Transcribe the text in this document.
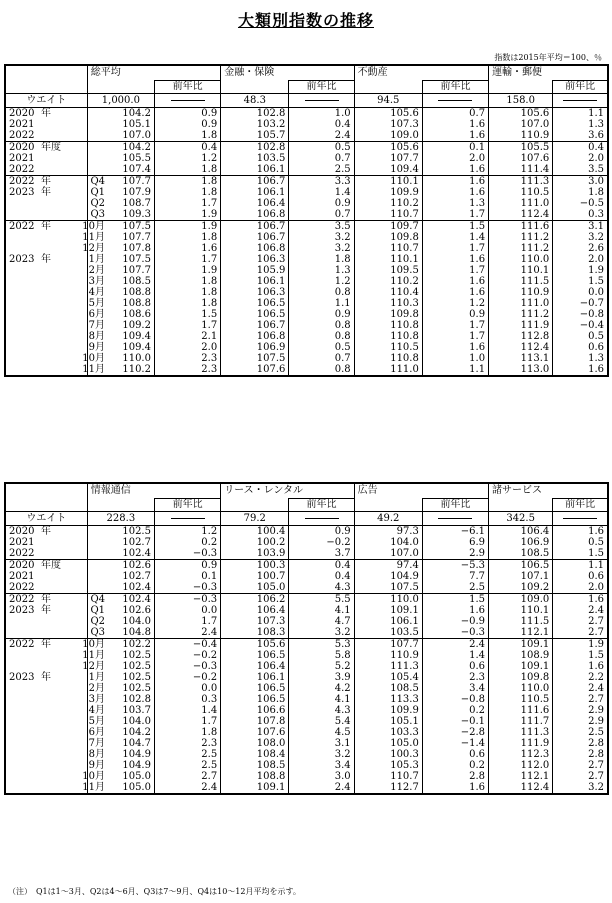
大類別指数の推移
指数は2015年平均＝100、％
	総平均		金融・保険		不動産		運輸・郵便	
		前年比		前年比		前年比		前年比
ウエイト	1,000.0		48.3		94.5		158.0	
2020 年	104.2	0.9	102.8	1.0	105.6	0.7	105.6	1.1
2021	105.1	0.9	103.2	0.4	107.3	1.6	107.0	1.3
2022	107.0	1.8	105.7	2.4	109.0	1.6	110.9	3.6
2020 年度	104.2	0.4	102.8	0.5	105.6	0.1	105.5	0.4
2021	105.5	1.2	103.5	0.7	107.7	2.0	107.6	2.0
2022	107.4	1.8	106.1	2.5	109.4	1.6	111.4	3.5
2022 年 Q4	107.7	1.8	106.7	3.3	110.1	1.6	111.3	3.0
2023 年 Q1	107.9	1.8	106.1	1.4	109.9	1.6	110.5	1.8
Q2	108.7	1.7	106.4	0.9	110.2	1.3	111.0	−0.5
Q3	109.3	1.9	106.8	0.7	110.7	1.7	112.4	0.3
2022 年 10月	107.5	1.9	106.7	3.5	109.7	1.5	111.6	3.1
11月	107.7	1.8	106.7	3.2	109.8	1.4	111.2	3.2
12月	107.8	1.6	106.8	3.2	110.7	1.7	111.2	2.6
2023 年 1月	107.5	1.7	106.3	1.8	110.1	1.6	110.0	2.0
2月	107.7	1.9	105.9	1.3	109.5	1.7	110.1	1.9
3月	108.5	1.8	106.1	1.2	110.2	1.6	111.5	1.5
4月	108.8	1.8	106.3	0.8	110.4	1.6	110.9	0.0
5月	108.8	1.8	106.5	1.1	110.3	1.2	111.0	−0.7
6月	108.6	1.5	106.5	0.9	109.8	0.9	111.2	−0.8
7月	109.2	1.7	106.7	0.8	110.8	1.7	111.9	−0.4
8月	109.4	2.1	106.8	0.8	110.8	1.7	112.8	0.5
9月	109.4	2.0	106.9	0.5	110.5	1.6	112.4	0.6
10月	110.0	2.3	107.5	0.7	110.8	1.0	113.1	1.3
11月	110.2	2.3	107.6	0.8	111.0	1.1	113.0	1.6
	情報通信		リース・レンタル		広告		諸サービス	
		前年比		前年比		前年比		前年比
ウエイト	228.3		79.2		49.2		342.5	
2020 年	102.5	1.2	100.4	0.9	97.3	−6.1	106.4	1.6
2021	102.7	0.2	100.2	−0.2	104.0	6.9	106.9	0.5
2022	102.4	−0.3	103.9	3.7	107.0	2.9	108.5	1.5
2020 年度	102.6	0.9	100.3	0.4	97.4	−5.3	106.5	1.1
2021	102.7	0.1	100.7	0.4	104.9	7.7	107.1	0.6
2022	102.4	−0.3	105.0	4.3	107.5	2.5	109.2	2.0
2022 年 Q4	102.4	−0.3	106.2	5.5	110.0	1.5	109.0	1.6
2023 年 Q1	102.6	0.0	106.4	4.1	109.1	1.6	110.1	2.4
Q2	104.0	1.7	107.3	4.7	106.1	−0.9	111.5	2.7
Q3	104.8	2.4	108.3	3.2	103.5	−0.3	112.1	2.7
2022 年 10月	102.2	−0.4	105.6	5.3	107.7	2.4	109.1	1.9
11月	102.5	−0.2	106.5	5.8	110.9	1.4	108.9	1.5
12月	102.5	−0.3	106.4	5.2	111.3	0.6	109.1	1.6
2023 年 1月	102.5	−0.2	106.1	3.9	105.4	2.3	109.8	2.2
2月	102.5	0.0	106.5	4.2	108.5	3.4	110.0	2.4
3月	102.8	0.3	106.5	4.1	113.3	−0.8	110.5	2.7
4月	103.7	1.4	106.6	4.3	109.9	0.2	111.6	2.9
5月	104.0	1.7	107.8	5.4	105.1	−0.1	111.7	2.9
6月	104.2	1.8	107.6	4.5	103.3	−2.8	111.3	2.5
7月	104.7	2.3	108.0	3.1	105.0	−1.4	111.9	2.8
8月	104.9	2.5	108.4	3.2	100.3	0.6	112.3	2.8
9月	104.9	2.5	108.5	3.4	105.3	0.2	112.0	2.7
10月	105.0	2.7	108.8	3.0	110.7	2.8	112.1	2.7
11月	105.0	2.4	109.1	2.4	112.7	1.6	112.4	3.2
（注）　Q1は1～3月、Q2は4～6月、Q3は7～9月、Q4は10～12月平均を示す。
